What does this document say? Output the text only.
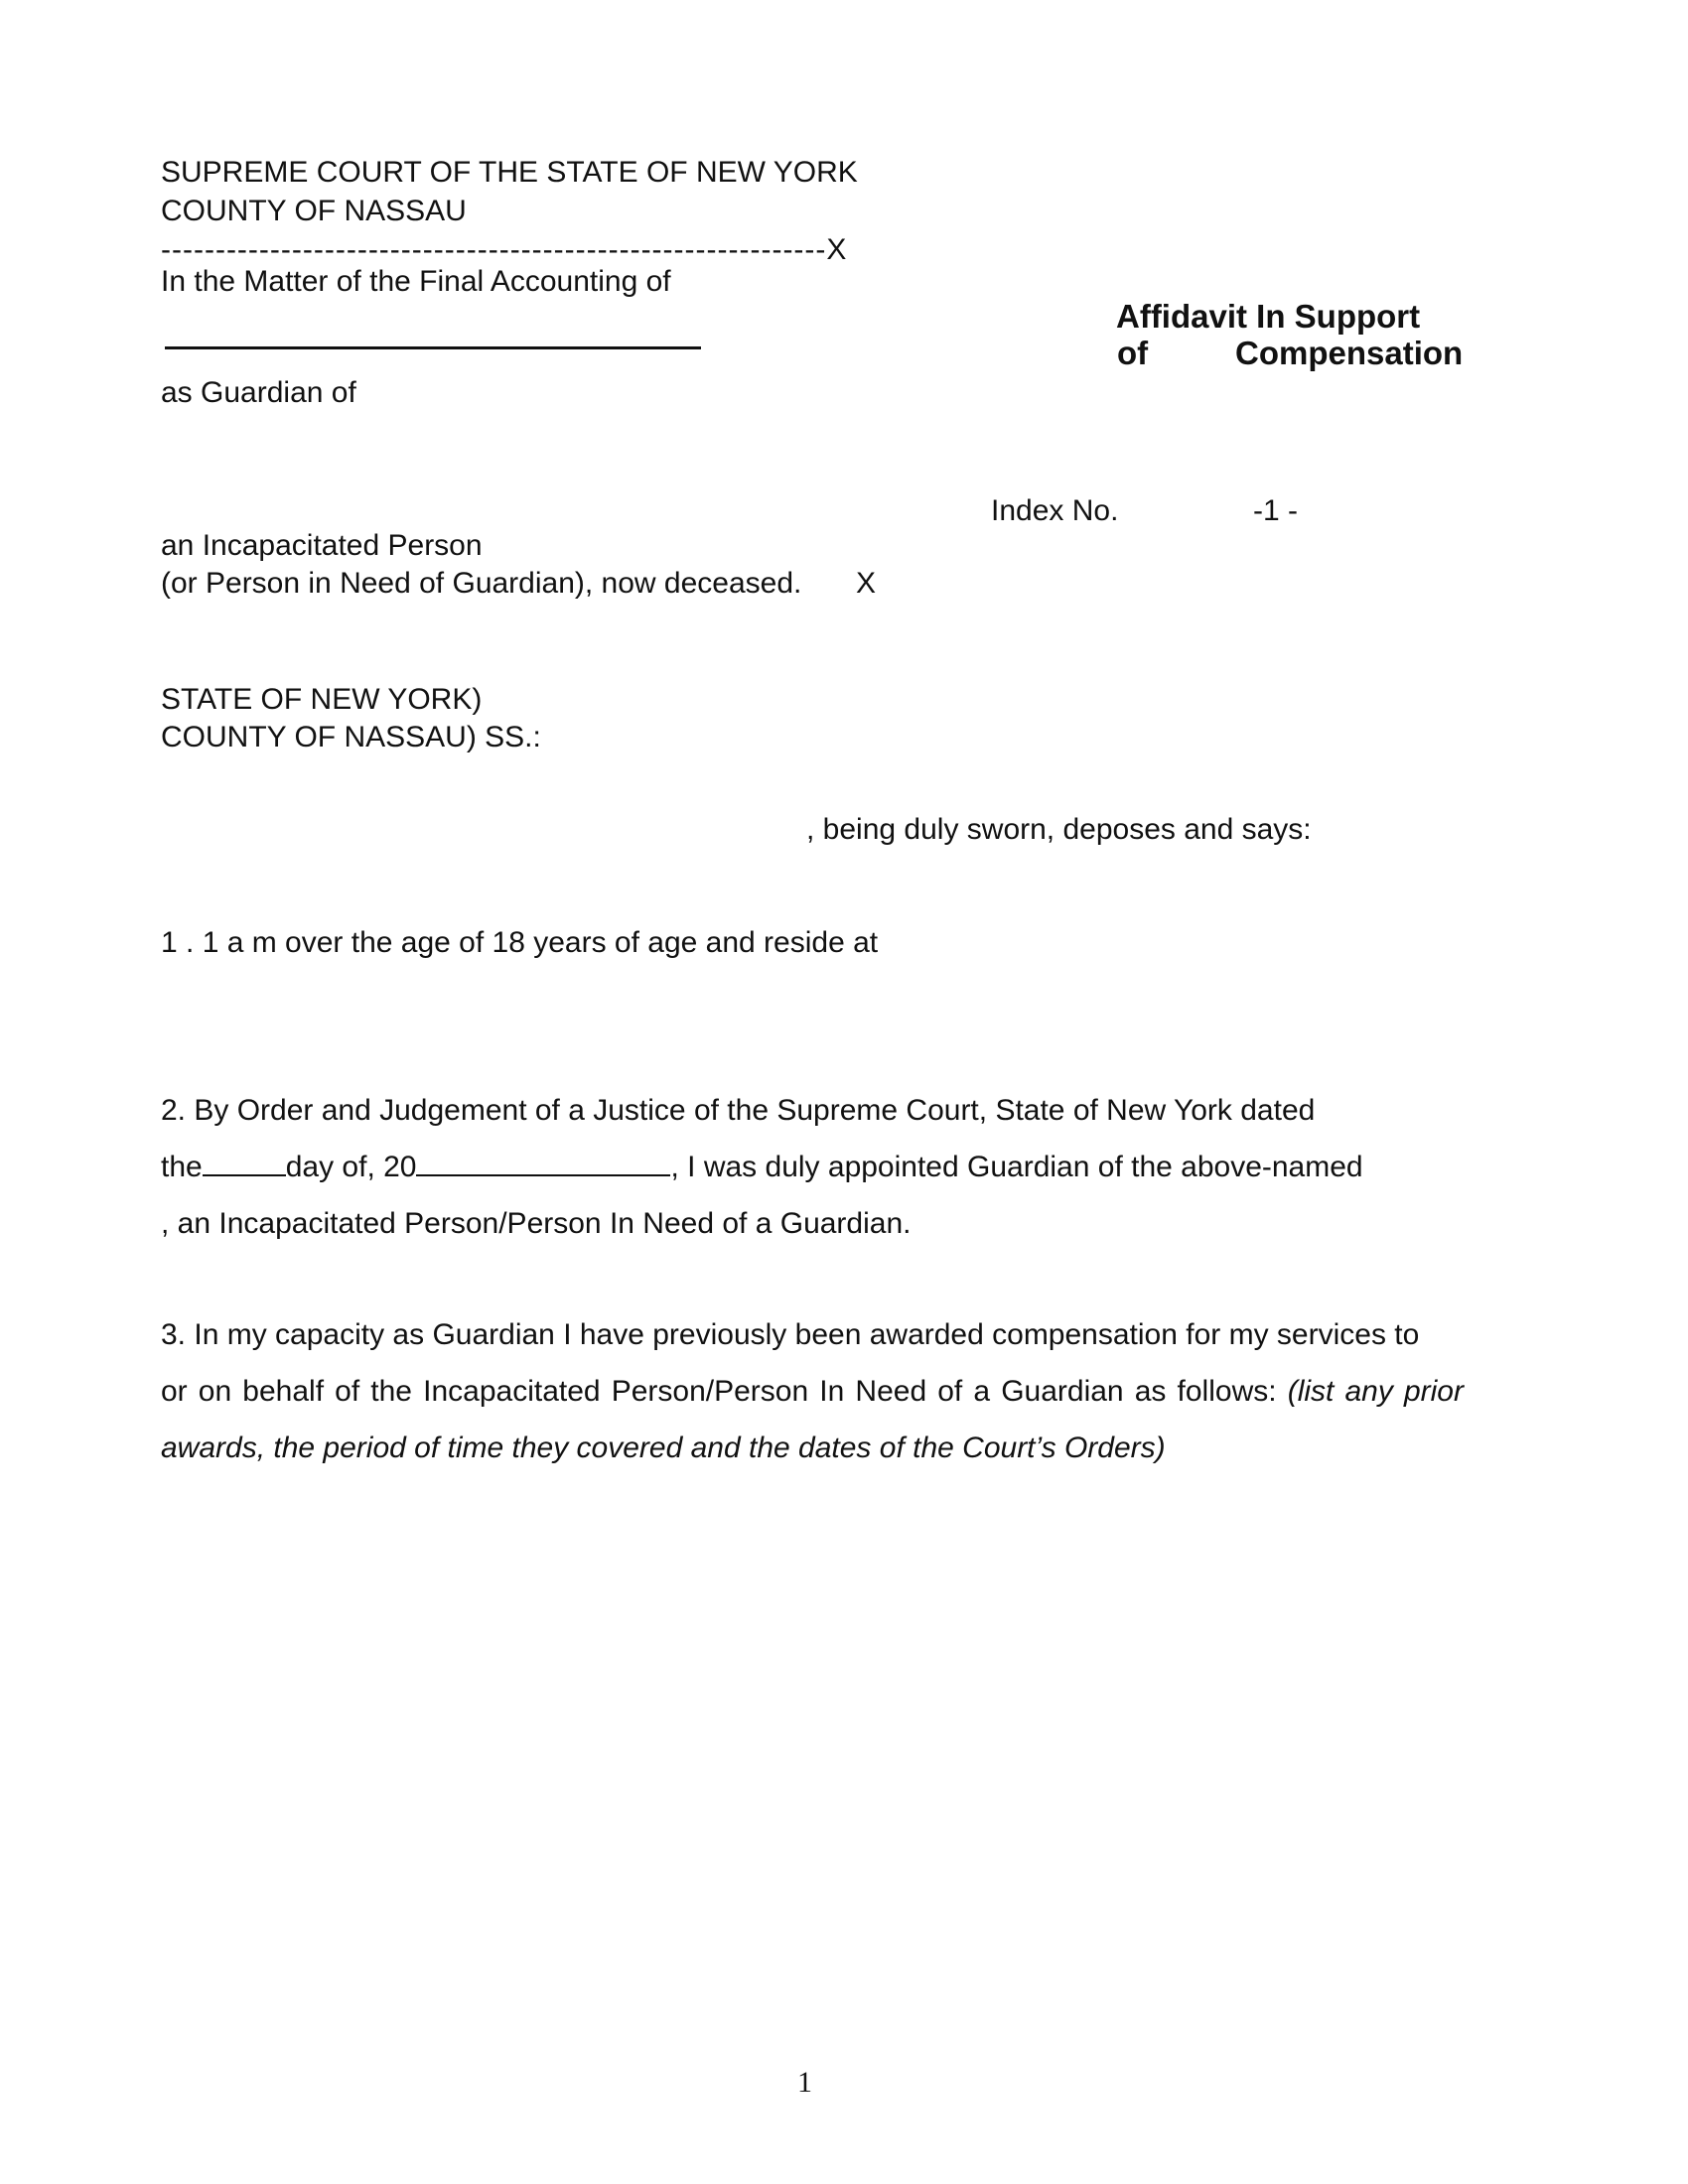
SUPREME COURT OF THE STATE OF NEW YORK
COUNTY OF NASSAU
-------------------------------------------------------------X
In the Matter of the Final Accounting of
as Guardian of
an Incapacitated Person
(or Person in Need of Guardian), now deceased. X
Affidavit In Support
of	Compensation
Index No.	-1 -
STATE OF NEW YORK)
COUNTY OF NASSAU) SS.:
, being duly sworn, deposes and says:
1 . 1 a m over the age of 18 years of age and reside at
2. By Order and Judgement of a Justice of the Supreme Court, State of New York dated
the	day of, 20	, I was duly appointed Guardian of the above-named
, an Incapacitated Person/Person In Need of a Guardian.
3. In my capacity as Guardian I have previously been awarded compensation for my services to
or on behalf of the Incapacitated Person/Person In Need of a Guardian as follows: (list any prior
awards, the period of time they covered and the dates of the Court’s Orders)
1
